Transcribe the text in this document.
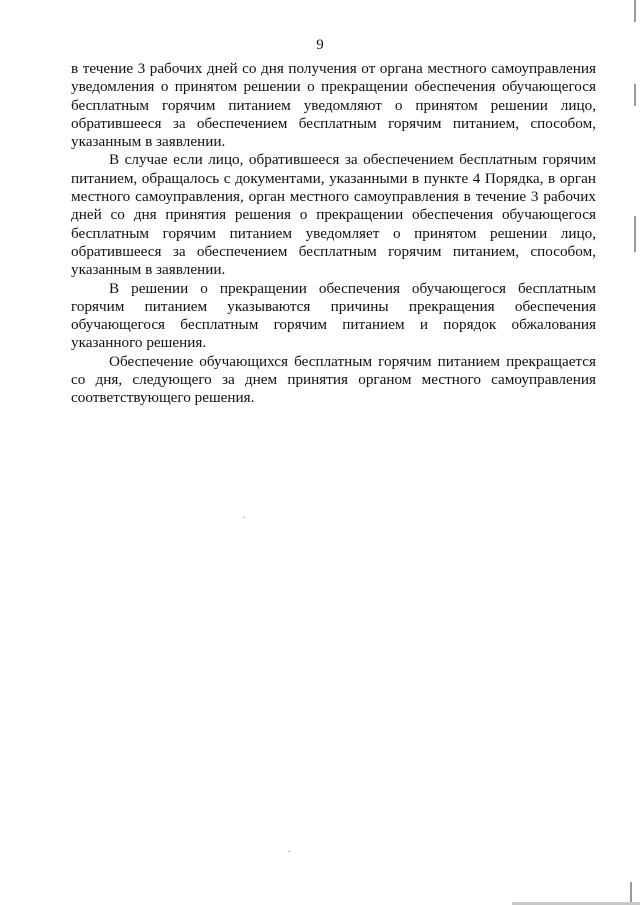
9

в течение 3 рабочих дней со дня получения от органа местного самоуправления уведомления о принятом решении о прекращении обеспечения обучающегося бесплатным горячим питанием уведомляют о принятом решении лицо, обратившееся за обеспечением бесплатным горячим питанием, способом, указанным в заявлении.

В случае если лицо, обратившееся за обеспечением бесплатным горячим питанием, обращалось с документами, указанными в пункте 4 Порядка, в орган местного самоуправления, орган местного самоуправления в течение 3 рабочих дней со дня принятия решения о прекращении обеспечения обучающегося бесплатным горячим питанием уведомляет о принятом решении лицо, обратившееся за обеспечением бесплатным горячим питанием, способом, указанным в заявлении.

В решении о прекращении обеспечения обучающегося бесплатным горячим питанием указываются причины прекращения обеспечения обучающегося бесплатным горячим питанием и порядок обжалования указанного решения.

Обеспечение обучающихся бесплатным горячим питанием прекращается со дня, следующего за днем принятия органом местного самоуправления соответствующего решения.
